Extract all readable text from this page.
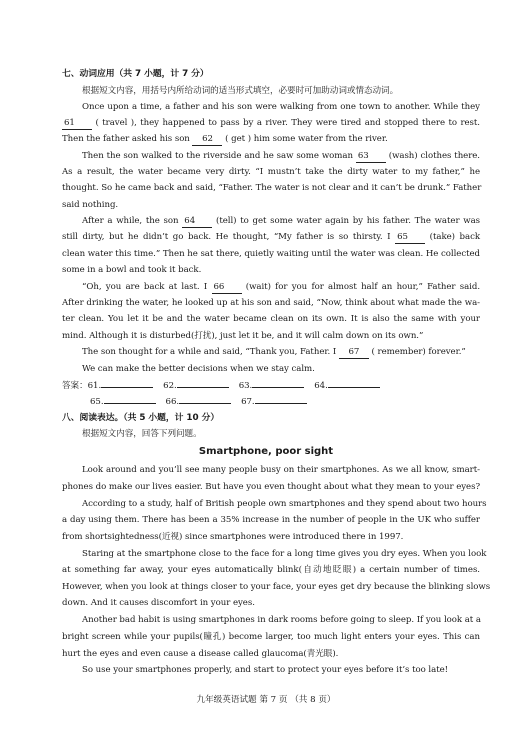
七、动词应用（共 7 小题，计 7 分）
根据短文内容，用括号内所给动词的适当形式填空，必要时可加助动词或情态动词。
Once upon a time, a father and his son were walking from one town to another. While they
61 ( travel ), they happened to pass by a river. They were tired and stopped there to rest.
Then the father asked his son 62 ( get ) him some water from the river.
Then the son walked to the riverside and he saw some woman 63 (wash) clothes there.
As a result, the water became very dirty. “I mustn’t take the dirty water to my father,” he
thought. So he came back and said, “Father. The water is not clear and it can’t be drunk.” Father
said nothing.
After a while, the son 64 (tell) to get some water again by his father. The water was
still dirty, but he didn’t go back. He thought, “My father is so thirsty. I 65 (take) back
clean water this time.” Then he sat there, quietly waiting until the water was clean. He collected
some in a bowl and took it back.
“Oh, you are back at last. I 66 (wait) for you for almost half an hour,” Father said.
After drinking the water, he looked up at his son and said, “Now, think about what made the wa-
ter clean. You let it be and the water became clean on its own. It is also the same with your
mind. Although it is disturbed(打扰), just let it be, and it will calm down on its own.”
The son thought for a while and said, “Thank you, Father. I 67 ( remember) forever.”
We can make the better decisions when we stay calm.
答案：61.	62.	63.	64.
65.	66.	67.
八、阅读表达。（共 5 小题，计 10 分）
根据短文内容，回答下列问题。
Smartphone, poor sight
Look around and you’ll see many people busy on their smartphones. As we all know, smart-
phones do make our lives easier. But have you even thought about what they mean to your eyes?
According to a study, half of British people own smartphones and they spend about two hours
a day using them. There has been a 35% increase in the number of people in the UK who suffer
from shortsightedness(近视) since smartphones were introduced there in 1997.
Staring at the smartphone close to the face for a long time gives you dry eyes. When you look
at something far away, your eyes automatically blink(自动地眨眼) a certain number of times.
However, when you look at things closer to your face, your eyes get dry because the blinking slows
down. And it causes discomfort in your eyes.
Another bad habit is using smartphones in dark rooms before going to sleep. If you look at a
bright screen while your pupils(瞳孔) become larger, too much light enters your eyes. This can
hurt the eyes and even cause a disease called glaucoma(青光眼).
So use your smartphones properly, and start to protect your eyes before it’s too late!
九年级英语试题 第 7 页 （共 8 页）
